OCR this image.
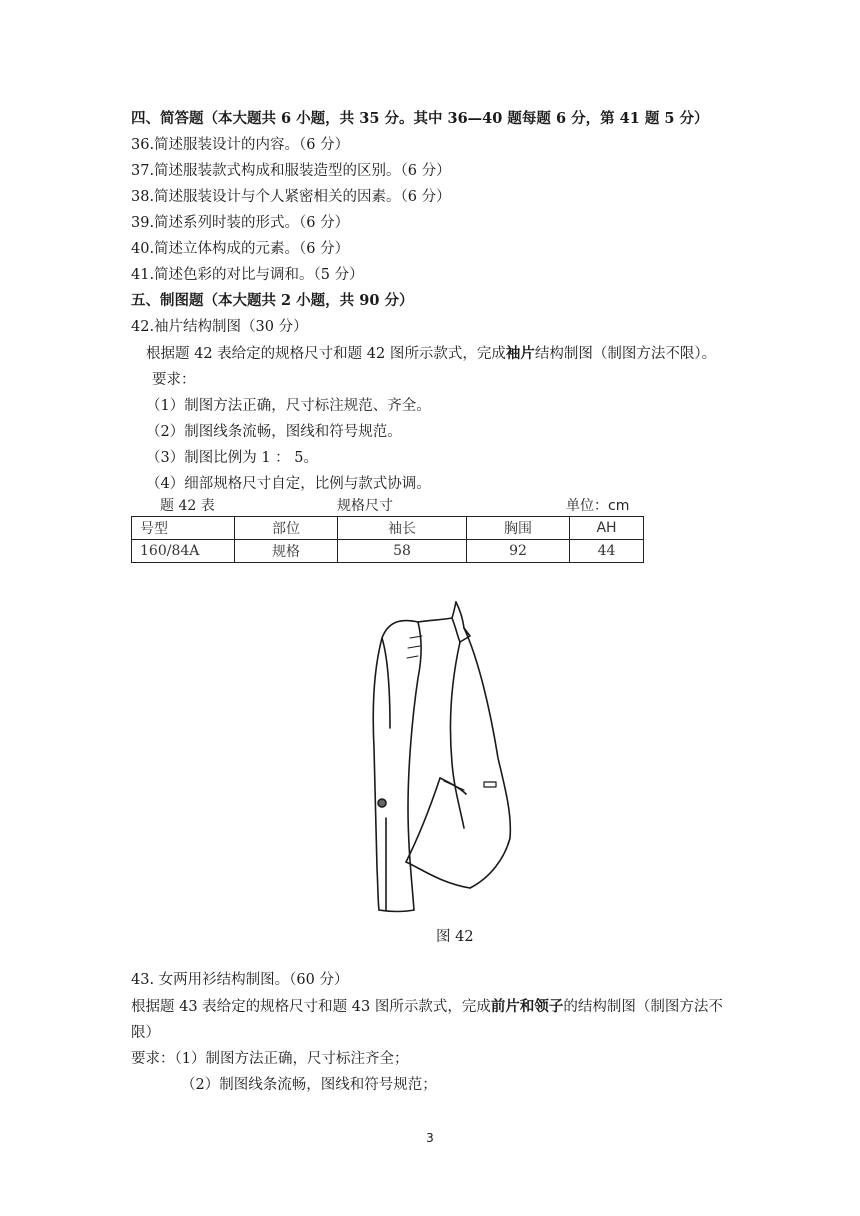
四、简答题（本大题共 6 小题，共 35 分。其中 36—40 题每题 6 分，第 41 题 5 分）
36.简述服装设计的内容。（6 分）
37.简述服装款式构成和服装造型的区别。（6 分）
38.简述服装设计与个人紧密相关的因素。（6 分）
39.简述系列时装的形式。（6 分）
40.简述立体构成的元素。（6 分）
41.简述色彩的对比与调和。（5 分）
五、制图题（本大题共 2 小题，共 90 分）
42.袖片结构制图（30 分）
根据题 42 表给定的规格尺寸和题 42 图所示款式，完成袖片结构制图（制图方法不限）。
要求：
（1）制图方法正确，尺寸标注规范、齐全。
（2）制图线条流畅，图线和符号规范。
（3）制图比例为 1 ： 5。
（4）细部规格尺寸自定，比例与款式协调。
题 42 表	规格尺寸	单位：cm
号型	部位	袖长	胸围	AH
160/84A	规格	58	92	44
图 42
43. 女两用衫结构制图。（60 分）
根据题 43 表给定的规格尺寸和题 43 图所示款式，完成前片和领子的结构制图（制图方法不
限）
要求：（1）制图方法正确，尺寸标注齐全；
（2）制图线条流畅，图线和符号规范；
3
